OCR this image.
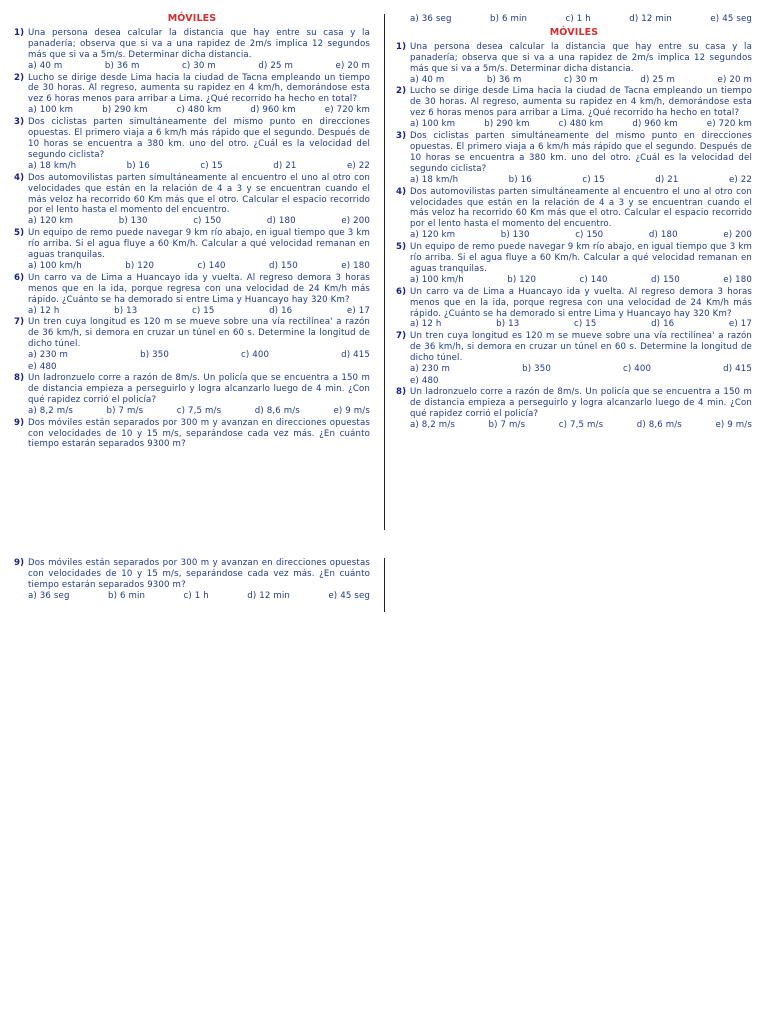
MÓVILES
1) Una persona desea calcular la distancia que hay entre su casa y la panadería; observa que si va a una rapidez de 2m/s implica 12 segundos más que si va a 5m/s. Determinar dicha distancia.
a) 40 m	b) 36 m	c) 30 m	d) 25 m	e) 20 m
2) Lucho se dirige desde Lima hacia la ciudad de Tacna empleando un tiempo de 30 horas. Al regreso, aumenta su rapidez en 4 km/h, demorándose esta vez 6 horas menos para arribar a Lima. ¿Qué recorrido ha hecho en total?
a) 100 km	b) 290 km	c) 480 km	d) 960 km	e) 720 km
3) Dos ciclistas parten simultáneamente del mismo punto en direcciones opuestas. El primero viaja a 6 km/h más rápido que el segundo. Después de 10 horas se encuentra a 380 km. uno del otro. ¿Cuál es la velocidad del segundo ciclista?
a) 18 km/h	b) 16	c) 15	d) 21	e) 22
4) Dos automovilistas parten simultáneamente al encuentro el uno al otro con velocidades que están en la relación de 4 a 3 y se encuentran cuando el más veloz ha recorrido 60 Km más que el otro. Calcular el espacio recorrido por el lento hasta el momento del encuentro.
a) 120 km	b) 130	c) 150	d) 180	e) 200
5) Un equipo de remo puede navegar 9 km río abajo, en igual tiempo que 3 km río arriba. Si el agua fluye a 60 Km/h. Calcular a qué velocidad remanan en aguas tranquilas.
a) 100 km/h	b) 120	c) 140	d) 150	e) 180
6) Un carro va de Lima a Huancayo ida y vuelta. Al regreso demora 3 horas menos que en la ida, porque regresa con una velocidad de 24 Km/h más rápido. ¿Cuánto se ha demorado si entre Lima y Huancayo hay 320 Km?
a) 12 h	b) 13	c) 15	d) 16	e) 17
7) Un tren cuya longitud es 120 m se mueve sobre una vía rectilínea' a razón de 36 km/h, si demora en cruzar un túnel en 60 s. Determine la longitud de dicho túnel.
a) 230 m	b) 350	c) 400	d) 415
e) 480
8) Un ladronzuelo corre a razón de 8m/s. Un policía que se encuentra a 150 m de distancia empieza a perseguirlo y logra alcanzarlo luego de 4 min. ¿Con qué rapidez corrió el policía?
a) 8,2 m/s	b) 7 m/s	c) 7,5 m/s	d) 8,6 m/s	e) 9 m/s
9) Dos móviles están separados por 300 m y avanzan en direcciones opuestas con velocidades de 10 y 15 m/s, separándose cada vez más. ¿En cuánto tiempo estarán separados 9300 m?
a) 36 seg	b) 6 min	c) 1 h	d) 12 min	e) 45 seg
MÓVILES
1) Una persona desea calcular la distancia que hay entre su casa y la panadería; observa que si va a una rapidez de 2m/s implica 12 segundos más que si va a 5m/s. Determinar dicha distancia.
a) 40 m	b) 36 m	c) 30 m	d) 25 m	e) 20 m
2) Lucho se dirige desde Lima hacia la ciudad de Tacna empleando un tiempo de 30 horas. Al regreso, aumenta su rapidez en 4 km/h, demorándose esta vez 6 horas menos para arribar a Lima. ¿Qué recorrido ha hecho en total?
a) 100 km	b) 290 km	c) 480 km	d) 960 km	e) 720 km
3) Dos ciclistas parten simultáneamente del mismo punto en direcciones opuestas. El primero viaja a 6 km/h más rápido que el segundo. Después de 10 horas se encuentra a 380 km. uno del otro. ¿Cuál es la velocidad del segundo ciclista?
a) 18 km/h	b) 16	c) 15	d) 21	e) 22
4) Dos automovilistas parten simultáneamente al encuentro el uno al otro con velocidades que están en la relación de 4 a 3 y se encuentran cuando el más veloz ha recorrido 60 Km más que el otro. Calcular el espacio recorrido por el lento hasta el momento del encuentro.
a) 120 km	b) 130	c) 150	d) 180	e) 200
5) Un equipo de remo puede navegar 9 km río abajo, en igual tiempo que 3 km río arriba. Si el agua fluye a 60 Km/h. Calcular a qué velocidad remanan en aguas tranquilas.
a) 100 km/h	b) 120	c) 140	d) 150	e) 180
6) Un carro va de Lima a Huancayo ida y vuelta. Al regreso demora 3 horas menos que en la ida, porque regresa con una velocidad de 24 Km/h más rápido. ¿Cuánto se ha demorado si entre Lima y Huancayo hay 320 Km?
a) 12 h	b) 13	c) 15	d) 16	e) 17
7) Un tren cuya longitud es 120 m se mueve sobre una vía rectilínea' a razón de 36 km/h, si demora en cruzar un túnel en 60 s. Determine la longitud de dicho túnel.
a) 230 m	b) 350	c) 400	d) 415
e) 480
8) Un ladronzuelo corre a razón de 8m/s. Un policía que se encuentra a 150 m de distancia empieza a perseguirlo y logra alcanzarlo luego de 4 min. ¿Con qué rapidez corrió el policía?
a) 8,2 m/s	b) 7 m/s	c) 7,5 m/s	d) 8,6 m/s	e) 9 m/s
9) Dos móviles están separados por 300 m y avanzan en direcciones opuestas con velocidades de 10 y 15 m/s, separándose cada vez más. ¿En cuánto tiempo estarán separados 9300 m?
a) 36 seg	b) 6 min	c) 1 h	d) 12 min	e) 45 seg
